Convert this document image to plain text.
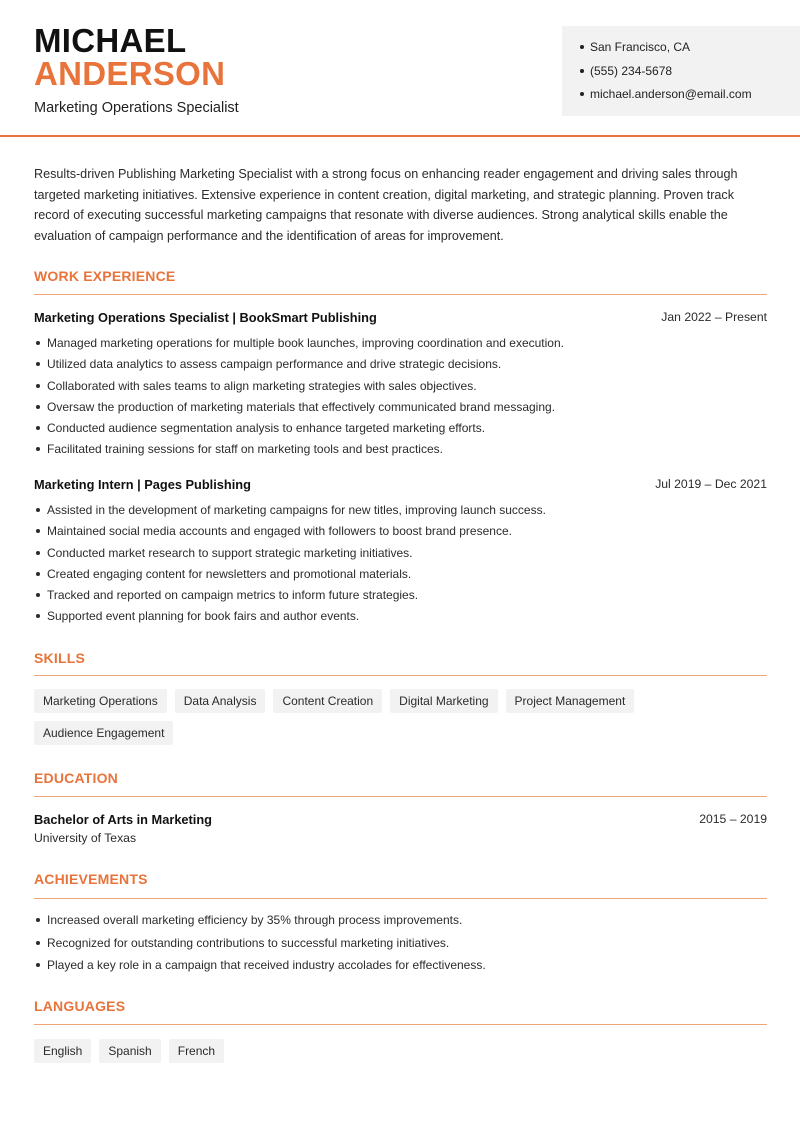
MICHAEL
ANDERSON
Marketing Operations Specialist
San Francisco, CA
(555) 234-5678
michael.anderson@email.com
Results-driven Publishing Marketing Specialist with a strong focus on enhancing reader engagement and driving sales through targeted marketing initiatives. Extensive experience in content creation, digital marketing, and strategic planning. Proven track record of executing successful marketing campaigns that resonate with diverse audiences. Strong analytical skills enable the evaluation of campaign performance and the identification of areas for improvement.
WORK EXPERIENCE
Marketing Operations Specialist | BookSmart Publishing	Jan 2022 – Present
Managed marketing operations for multiple book launches, improving coordination and execution.
Utilized data analytics to assess campaign performance and drive strategic decisions.
Collaborated with sales teams to align marketing strategies with sales objectives.
Oversaw the production of marketing materials that effectively communicated brand messaging.
Conducted audience segmentation analysis to enhance targeted marketing efforts.
Facilitated training sessions for staff on marketing tools and best practices.
Marketing Intern | Pages Publishing	Jul 2019 – Dec 2021
Assisted in the development of marketing campaigns for new titles, improving launch success.
Maintained social media accounts and engaged with followers to boost brand presence.
Conducted market research to support strategic marketing initiatives.
Created engaging content for newsletters and promotional materials.
Tracked and reported on campaign metrics to inform future strategies.
Supported event planning for book fairs and author events.
SKILLS
Marketing Operations	Data Analysis	Content Creation	Digital Marketing	Project Management
Audience Engagement
EDUCATION
Bachelor of Arts in Marketing
University of Texas
2015 – 2019
ACHIEVEMENTS
Increased overall marketing efficiency by 35% through process improvements.
Recognized for outstanding contributions to successful marketing initiatives.
Played a key role in a campaign that received industry accolades for effectiveness.
LANGUAGES
English	Spanish	French
